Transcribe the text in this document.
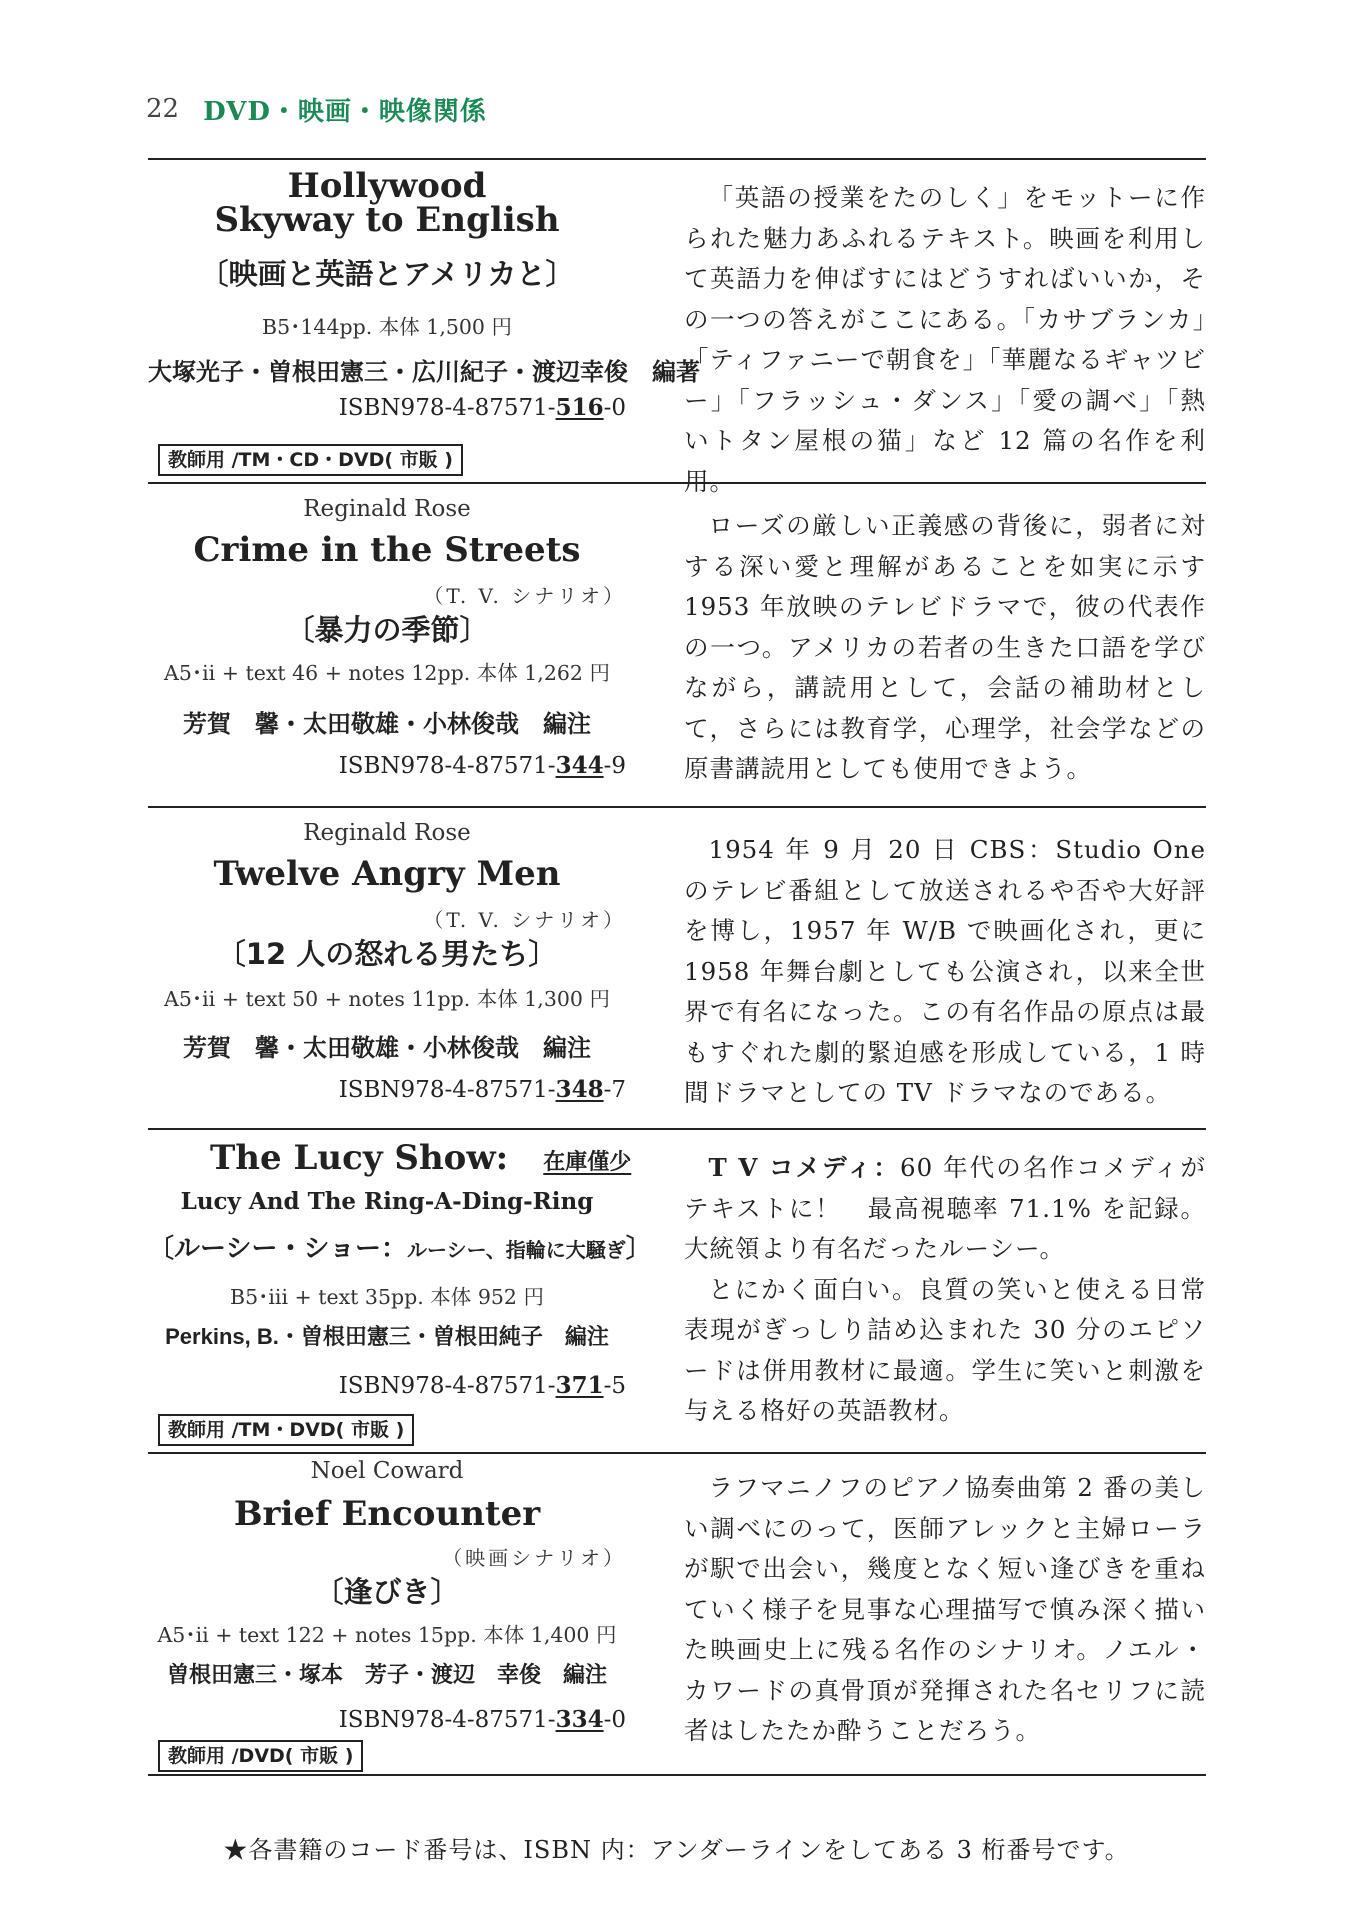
22 DVD・映画・映像関係
Hollywood
Skyway to English
〔映画と英語とアメリカと〕
B5･144pp. 本体 1,500 円
大塚光子・曽根田憲三・広川紀子・渡辺幸俊　編著
ISBN978-4-87571-516-0
教師用 /TM・CD・DVD( 市販 )

「英語の授業をたのしく」をモットーに作られた魅力あふれるテキスト。映画を利用して英語力を伸ばすにはどうすればいいか，その一つの答えがここにある。「カサブランカ」「ティファニーで朝食を」「華麗なるギャツビー」「フラッシュ・ダンス」「愛の調べ」「熱いトタン屋根の猫」など 12 篇の名作を利用。

Reginald Rose
Crime in the Streets
（T. V. シナリオ）
〔暴力の季節〕
A5･ii + text 46 + notes 12pp. 本体 1,262 円
芳賀　馨・太田敬雄・小林俊哉　編注
ISBN978-4-87571-344-9

ローズの厳しい正義感の背後に，弱者に対する深い愛と理解があることを如実に示す 1953 年放映のテレビドラマで，彼の代表作の一つ。アメリカの若者の生きた口語を学びながら，講読用として，会話の補助材として，さらには教育学，心理学，社会学などの原書講読用としても使用できよう。

Reginald Rose
Twelve Angry Men
（T. V. シナリオ）
〔12 人の怒れる男たち〕
A5･ii + text 50 + notes 11pp. 本体 1,300 円
芳賀　馨・太田敬雄・小林俊哉　編注
ISBN978-4-87571-348-7

1954 年 9 月 20 日 CBS：Studio One のテレビ番組として放送されるや否や大好評を博し，1957 年 W/B で映画化され，更に 1958 年舞台劇としても公演され，以来全世界で有名になった。この有名作品の原点は最もすぐれた劇的緊迫感を形成している，1 時間ドラマとしての TV ドラマなのである。

The Lucy Show: 在庫僅少
Lucy And The Ring-A-Ding-Ring
〔ルーシー・ショー：ルーシー、指輪に大騒ぎ〕
B5･iii + text 35pp. 本体 952 円
Perkins, B.・曽根田憲三・曽根田純子　編注
ISBN978-4-87571-371-5
教師用 /TM・DVD( 市販 )

T V コメディ：60 年代の名作コメディがテキストに！　最高視聴率 71.1% を記録。大統領より有名だったルーシー。

とにかく面白い。良質の笑いと使える日常表現がぎっしり詰め込まれた 30 分のエピソードは併用教材に最適。学生に笑いと刺激を与える格好の英語教材。

Noel Coward
Brief Encounter
（映画シナリオ）
〔逢びき〕
A5･ii + text 122 + notes 15pp. 本体 1,400 円
曽根田憲三・塚本　芳子・渡辺　幸俊　編注
ISBN978-4-87571-334-0
教師用 /DVD( 市販 )

ラフマニノフのピアノ協奏曲第 2 番の美しい調べにのって，医師アレックと主婦ローラが駅で出会い，幾度となく短い逢びきを重ねていく様子を見事な心理描写で慎み深く描いた映画史上に残る名作のシナリオ。ノエル・カワードの真骨頂が発揮された名セリフに読者はしたたか酔うことだろう。

★各書籍のコード番号は、ISBN 内：アンダーラインをしてある 3 桁番号です。
